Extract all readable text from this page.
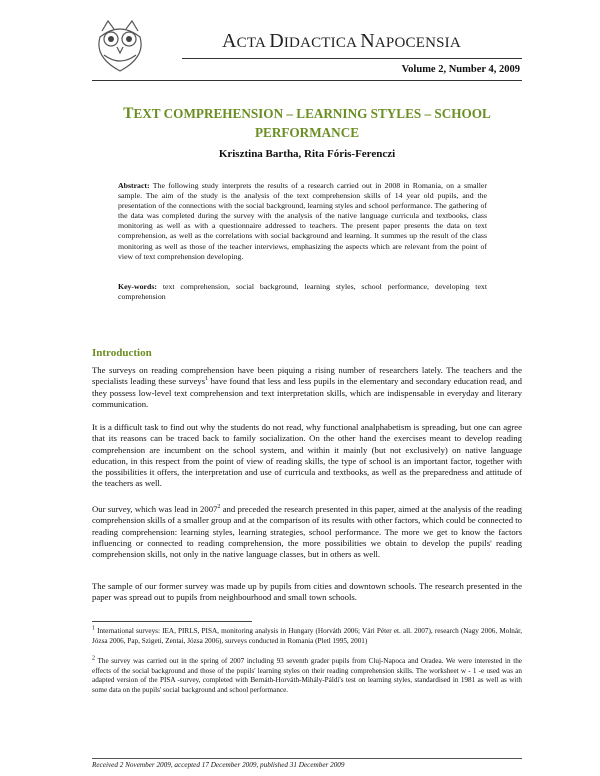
ACTA DIDACTICA NAPOCENSIA
Volume 2, Number 4, 2009
TEXT COMPREHENSION – LEARNING STYLES – SCHOOL
PERFORMANCE
Krisztina Bartha, Rita Fóris-Ferenczi
Abstract: The following study interprets the results of a research carried out in 2008 in Romania, on a smaller sample. The aim of the study is the analysis of the text comprehension skills of 14 year old pupils, and the presentation of the connections with the social background, learning styles and school performance. The gathering of the data was completed during the survey with the analysis of the native language curricula and textbooks, class monitoring as well as with a questionnaire addressed to teachers. The present paper presents the data on text comprehension, as well as the correlations with social background and learning. It summes up the result of the class monitoring as well as those of the teacher interviews, emphasizing the aspects which are relevant from the point of view of text comprehension developing.
Key-words: text comprehension, social background, learning styles, school performance, developing text comprehension
Introduction
The surveys on reading comprehension have been piquing a rising number of researchers lately. The teachers and the specialists leading these surveys$^1$ have found that less and less pupils in the elementary and secondary education read, and they possess low-level text comprehension and text interpretation skills, which are indispensable in everyday and literary communication.
It is a difficult task to find out why the students do not read, why functional analphabetism is spreading, but one can agree that its reasons can be traced back to family socialization. On the other hand the exercises meant to develop reading comprehension are incumbent on the school system, and within it mainly (but not exclusively) on native language education, in this respect from the point of view of reading skills, the type of school is an important factor, together with the possibilities it offers, the interpretation and use of curricula and textbooks, as well as the preparedness and attitude of the teachers as well.
Our survey, which was lead in 2007$^2$ and preceded the research presented in this paper, aimed at the analysis of the reading comprehension skills of a smaller group and at the comparison of its results with other factors, which could be connected to reading comprehension: learning styles, learning strategies, school performance. The more we get to know the factors influencing or connected to reading comprehension, the more possibilities we obtain to develop the pupils' reading comprehension skills, not only in the native language classes, but in others as well.
The sample of our former survey was made up by pupils from cities and downtown schools. The research presented in the paper was spread out to pupils from neighbourhood and small town schools.
$^1$ International surveys: IEA, PIRLS, PISA, monitoring analysis in Hungary (Horváth 2006; Vári Péter et. all. 2007), research (Nagy 2006, Molnár, Józsa 2006, Pap, Szigeti, Zentai, Józsa 2006), surveys conducted in Romania (Pletl 1995, 2001)
$^2$ The survey was carried out in the spring of 2007 including 93 seventh grader pupils from Cluj-Napoca and Oradea. We were interested in the effects of the social background and those of the pupils' learning styles on their reading comprehension skills. The worksheet w - 1 -e used was an adapted version of the PISA -survey, completed with Bernáth-Horváth-Mihály-Páldi's test on learning styles, standardised in 1981 as well as with some data on the pupils' social background and school performance.
Received 2 November 2009, accepted 17 December 2009, published 31 December 2009
